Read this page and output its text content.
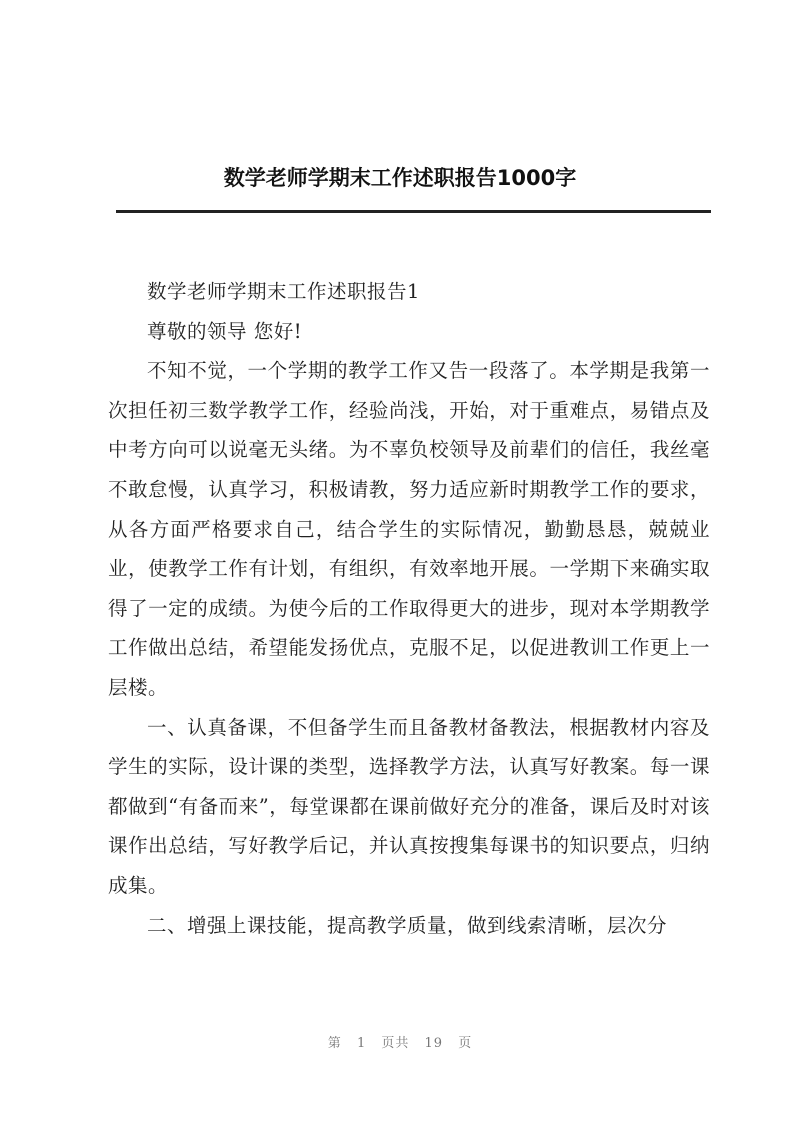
数学老师学期末工作述职报告1000字

数学老师学期末工作述职报告1

尊敬的领导 您好!

不知不觉，一个学期的教学工作又告一段落了。本学期是我第一次担任初三数学教学工作，经验尚浅，开始，对于重难点，易错点及中考方向可以说毫无头绪。为不辜负校领导及前辈们的信任，我丝毫不敢怠慢，认真学习，积极请教，努力适应新时期教学工作的要求，从各方面严格要求自己，结合学生的实际情况，勤勤恳恳，兢兢业业，使教学工作有计划，有组织，有效率地开展。一学期下来确实取得了一定的成绩。为使今后的工作取得更大的进步，现对本学期教学工作做出总结，希望能发扬优点，克服不足，以促进教训工作更上一层楼。

一、认真备课，不但备学生而且备教材备教法，根据教材内容及学生的实际，设计课的类型，选择教学方法，认真写好教案。每一课都做到“有备而来”，每堂课都在课前做好充分的准备，课后及时对该课作出总结，写好教学后记，并认真按搜集每课书的知识要点，归纳成集。

二、增强上课技能，提高教学质量，做到线索清晰，层次分

第 1 页共 19 页
